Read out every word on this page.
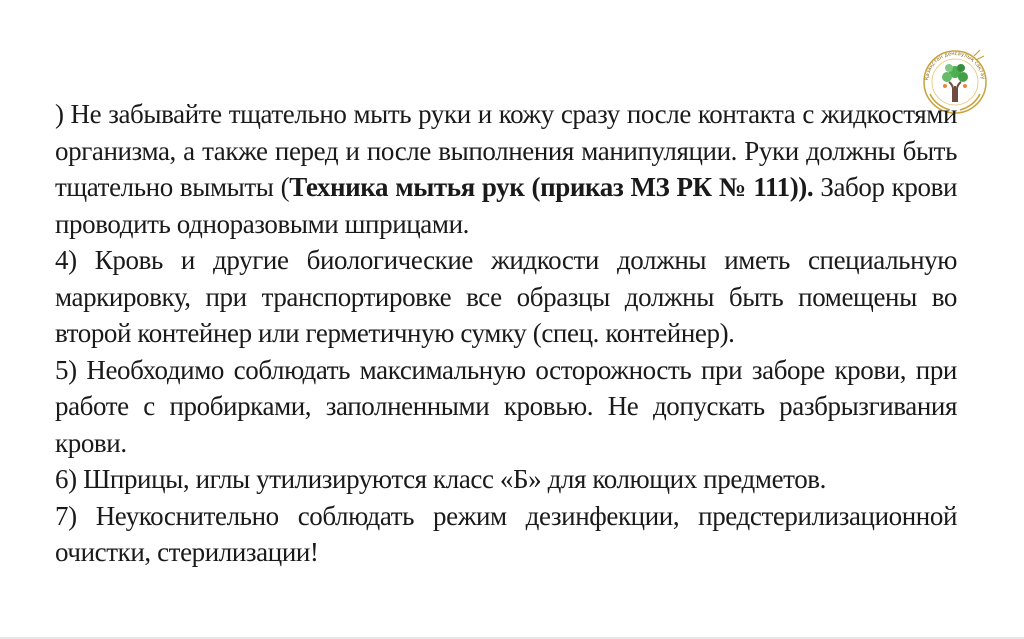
Қазақстан денсаулық сақтау

) Не забывайте тщательно мыть руки и кожу сразу после контакта с жидкостями организма, а также перед и после выполнения манипуляции. Руки должны быть тщательно вымыты (Техника мытья рук (приказ МЗ РК № 111)). Забор крови проводить одноразовыми шприцами.

4) Кровь и другие биологические жидкости должны иметь специальную маркировку, при транспортировке все образцы должны быть помещены во второй контейнер или герметичную сумку (спец. контейнер).

5) Необходимо соблюдать максимальную осторожность при заборе крови, при работе с пробирками, заполненными кровью. Не допускать разбрызгивания крови.

6) Шприцы, иглы утилизируются класс «Б» для колющих предметов.

7) Неукоснительно соблюдать режим дезинфекции, предстерилизационной очистки, стерилизации!
